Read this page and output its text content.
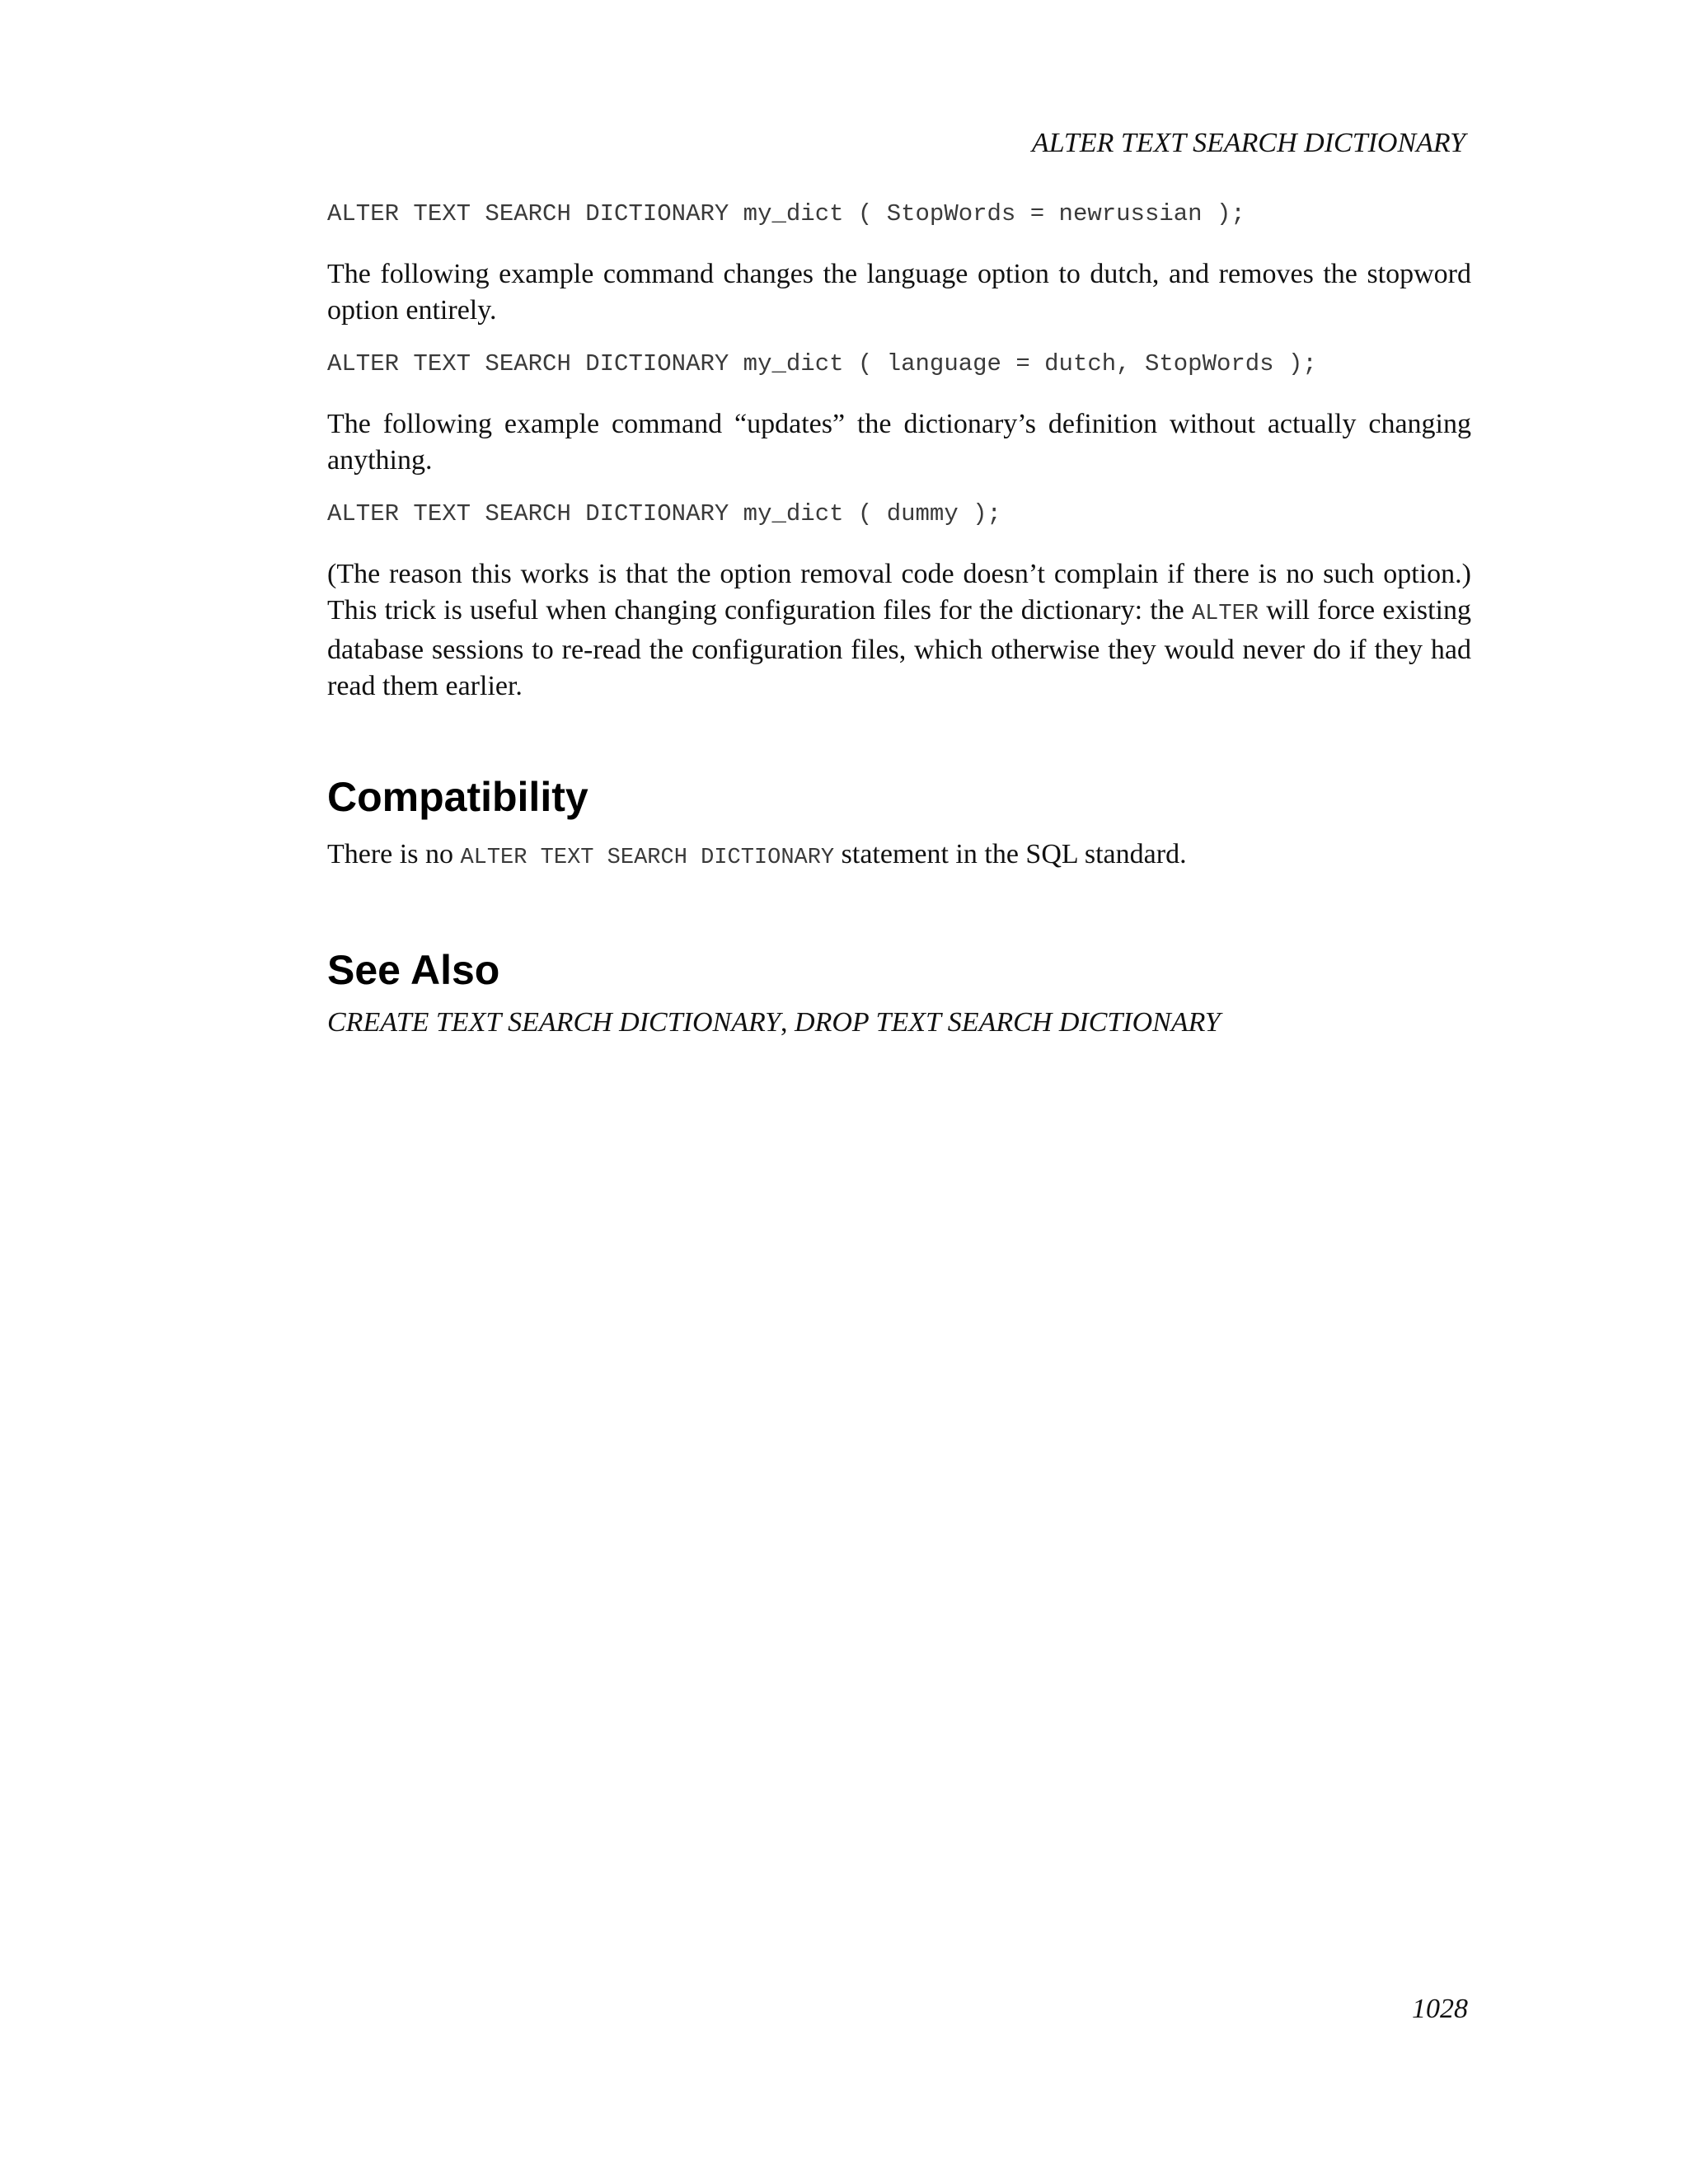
ALTER TEXT SEARCH DICTIONARY
ALTER TEXT SEARCH DICTIONARY my_dict ( StopWords = newrussian );

The following example command changes the language option to dutch, and removes the stopword option entirely.

ALTER TEXT SEARCH DICTIONARY my_dict ( language = dutch, StopWords );

The following example command “updates” the dictionary’s definition without actually changing anything.

ALTER TEXT SEARCH DICTIONARY my_dict ( dummy );

(The reason this works is that the option removal code doesn’t complain if there is no such option.) This trick is useful when changing configuration files for the dictionary: the ALTER will force existing database sessions to re-read the configuration files, which otherwise they would never do if they had read them earlier.

Compatibility

There is no ALTER TEXT SEARCH DICTIONARY statement in the SQL standard.

See Also

CREATE TEXT SEARCH DICTIONARY, DROP TEXT SEARCH DICTIONARY

1028
